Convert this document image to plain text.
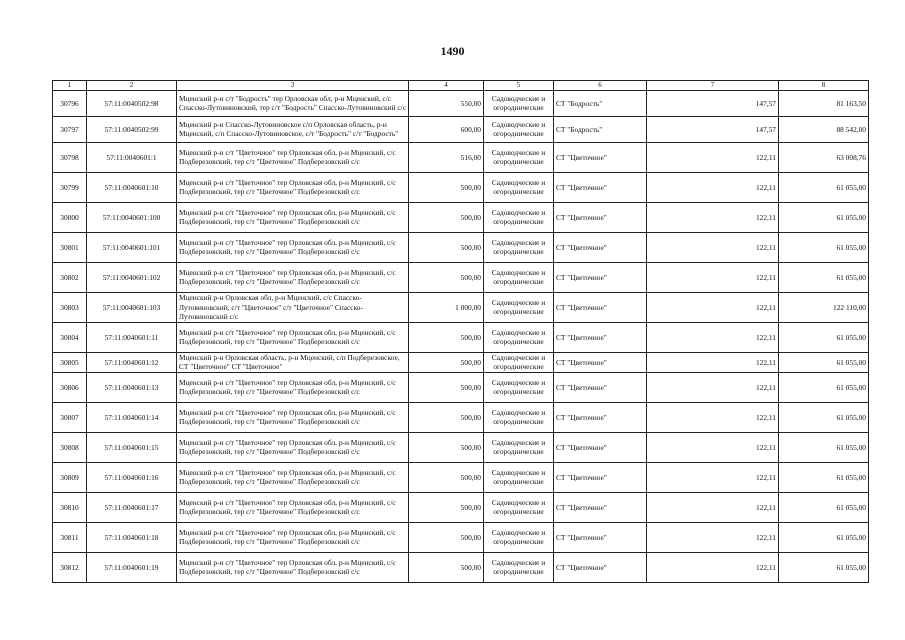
1490
1	2	3	4	5	6	7	8
30796	57:11:0040502:98	Мценский р-н с/т "Бодрость" тер Орловская обл, р-н Мценский, с/с Спасско-Лутовиновский, тер с/т "Бодрость" Спасско-Лутовиновский с/с	550,00	Садоводческие и огороднические	СТ "Бодрость"	147,57	81 163,50
30797	57:11:0040502:99	Мценский р-н Спасско-Лутовиновское с/п Орловская область, р-н Мценский, с/п Спасско-Лутовиновское, с/т "Бодрость" с/т "Бодрость"	600,00	Садоводческие и огороднические	СТ "Бодрость"	147,57	88 542,00
30798	57:11:0040601:1	Мценский р-н с/т "Цветочное" тер Орловская обл, р-н Мценский, с/с Подберезовский, тер с/т "Цветочное" Подберезовский с/с	516,00	Садоводческие и огороднические	СТ "Цветочное"	122,11	63 008,76
30799	57:11:0040601:10	Мценский р-н с/т "Цветочное" тер Орловская обл, р-н Мценский, с/с Подберезовский, тер с/т "Цветочное" Подберезовский с/с	500,00	Садоводческие и огороднические	СТ "Цветочное"	122,11	61 055,00
30800	57:11:0040601:100	Мценский р-н с/т "Цветочное" тер Орловская обл, р-н Мценский, с/с Подберезовский, тер с/т "Цветочное" Подберезовский с/с	500,00	Садоводческие и огороднические	СТ "Цветочное"	122,11	61 055,00
30801	57:11:0040601:101	Мценский р-н с/т "Цветочное" тер Орловская обл, р-н Мценский, с/с Подберезовский, тер с/т "Цветочное" Подберезовский с/с	500,00	Садоводческие и огороднические	СТ "Цветочное"	122,11	61 055,00
30802	57:11:0040601:102	Мценский р-н с/т "Цветочное" тер Орловская обл, р-н Мценский, с/с Подберезовский, тер с/т "Цветочное" Подберезовский с/с	500,00	Садоводческие и огороднические	СТ "Цветочное"	122,11	61 055,00
30803	57:11:0040601:103	Мценский р-н Орловская обл, р-н Мценский, с/с Спасско-Лутовиновский, с/т "Цветочное" с/т "Цветочное" Спасско-Лутовиновский с/с	1 000,00	Садоводческие и огороднические	СТ "Цветочное"	122,11	122 110,00
30804	57:11:0040601:11	Мценский р-н с/т "Цветочное" тер Орловская обл, р-н Мценский, с/с Подберезовский, тер с/т "Цветочное" Подберезовский с/с	500,00	Садоводческие и огороднические	СТ "Цветочное"	122,11	61 055,00
30805	57:11:0040601:12	Мценский р-н Орловская область, р-н Мценский, с/п Подберезовское, СТ "Цветочное" СТ "Цветочное"	500,00	Садоводческие и огороднические	СТ "Цветочное"	122,11	61 055,00
30806	57:11:0040601:13	Мценский р-н с/т "Цветочное" тер Орловская обл, р-н Мценский, с/с Подберезовский, тер с/т "Цветочное" Подберезовский с/с	500,00	Садоводческие и огороднические	СТ "Цветочное"	122,11	61 055,00
30807	57:11:0040601:14	Мценский р-н с/т "Цветочное" тер Орловская обл, р-н Мценский, с/с Подберезовский, тер с/т "Цветочное" Подберезовский с/с	500,00	Садоводческие и огороднические	СТ "Цветочное"	122,11	61 055,00
30808	57:11:0040601:15	Мценский р-н с/т "Цветочное" тер Орловская обл, р-н Мценский, с/с Подберезовский, тер с/т "Цветочное" Подберезовский с/с	500,00	Садоводческие и огороднические	СТ "Цветочное"	122,11	61 055,00
30809	57:11:0040601:16	Мценский р-н с/т "Цветочное" тер Орловская обл, р-н Мценский, с/с Подберезовский, тер с/т "Цветочное" Подберезовский с/с	500,00	Садоводческие и огороднические	СТ "Цветочное"	122,11	61 055,00
30810	57:11:0040601:17	Мценский р-н с/т "Цветочное" тер Орловская обл, р-н Мценский, с/с Подберезовский, тер с/т "Цветочное" Подберезовский с/с	500,00	Садоводческие и огороднические	СТ "Цветочное"	122,11	61 055,00
30811	57:11:0040601:18	Мценский р-н с/т "Цветочное" тер Орловская обл, р-н Мценский, с/с Подберезовский, тер с/т "Цветочное" Подберезовский с/с	500,00	Садоводческие и огороднические	СТ "Цветочное"	122,11	61 055,00
30812	57:11:0040601:19	Мценский р-н с/т "Цветочное" тер Орловская обл, р-н Мценский, с/с Подберезовский, тер с/т "Цветочное" Подберезовский с/с	500,00	Садоводческие и огороднические	СТ "Цветочное"	122,11	61 055,00
